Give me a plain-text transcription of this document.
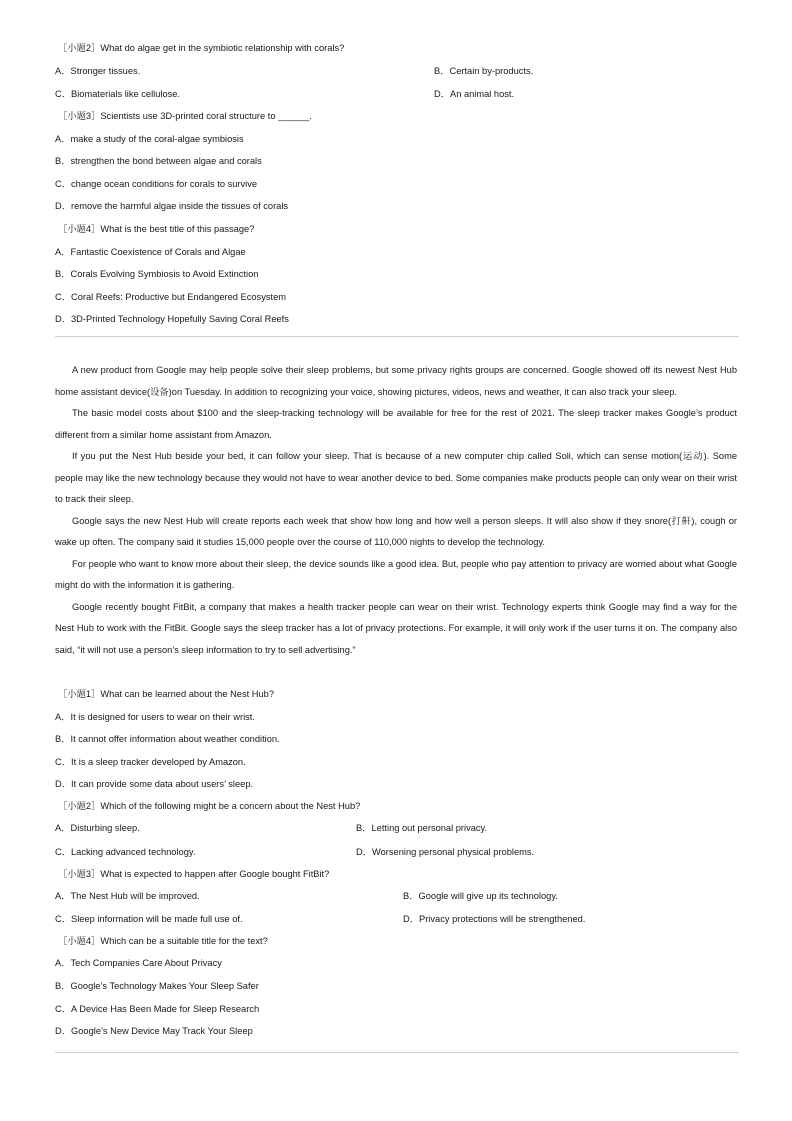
［小题2］What do algae get in the symbiotic relationship with corals?
A．Stronger tissues.	B．Certain by-products.
C．Biomaterials like cellulose.	D．An animal host.
［小题3］Scientists use 3D-printed coral structure to ______.
A．make a study of the coral-algae symbiosis
B．strengthen the bond between algae and corals
C．change ocean conditions for corals to survive
D．remove the harmful algae inside the tissues of corals
［小题4］What is the best title of this passage?
A．Fantastic Coexistence of Corals and Algae
B．Corals Evolving Symbiosis to Avoid Extinction
C．Coral Reefs: Productive but Endangered Ecosystem
D．3D-Printed Technology Hopefully Saving Coral Reefs

A new product from Google may help people solve their sleep problems, but some privacy rights groups are concerned. Google showed off its newest Nest Hub home assistant device(设备)on Tuesday. In addition to recognizing your voice, showing pictures, videos, news and weather, it can also track your sleep.

The basic model costs about $100 and the sleep-tracking technology will be available for free for the rest of 2021. The sleep tracker makes Google’s product different from a similar home assistant from Amazon.

If you put the Nest Hub beside your bed, it can follow your sleep. That is because of a new computer chip called Soli, which can sense motion(运动). Some people may like the new technology because they would not have to wear another device to bed. Some companies make products people can only wear on their wrist to track their sleep.

Google says the new Nest Hub will create reports each week that show how long and how well a person sleeps. It will also show if they snore(打鼾), cough or wake up often. The company said it studies 15,000 people over the course of 110,000 nights to develop the technology.

For people who want to know more about their sleep, the device sounds like a good idea. But, people who pay attention to privacy are worried about what Google might do with the information it is gathering.

Google recently bought FitBit, a company that makes a health tracker people can wear on their wrist. Technology experts think Google may find a way for the Nest Hub to work with the FitBit. Google says the sleep tracker has a lot of privacy protections. For example, it will only work if the user turns it on. The company also said, “it will not use a person’s sleep information to try to sell advertising.”

［小题1］What can be learned about the Nest Hub?
A．It is designed for users to wear on their wrist.
B．It cannot offer information about weather condition.
C．It is a sleep tracker developed by Amazon.
D．It can provide some data about users’ sleep.
［小题2］Which of the following might be a concern about the Nest Hub?
A．Disturbing sleep.	B．Letting out personal privacy.
C．Lacking advanced technology.	D．Worsening personal physical problems.
［小题3］What is expected to happen after Google bought FitBit?
A．The Nest Hub will be improved.	B．Google will give up its technology.
C．Sleep information will be made full use of.	D．Privacy protections will be strengthened.
［小题4］Which can be a suitable title for the text?
A．Tech Companies Care About Privacy
B．Google’s Technology Makes Your Sleep Safer
C．A Device Has Been Made for Sleep Research
D．Google’s New Device May Track Your Sleep
